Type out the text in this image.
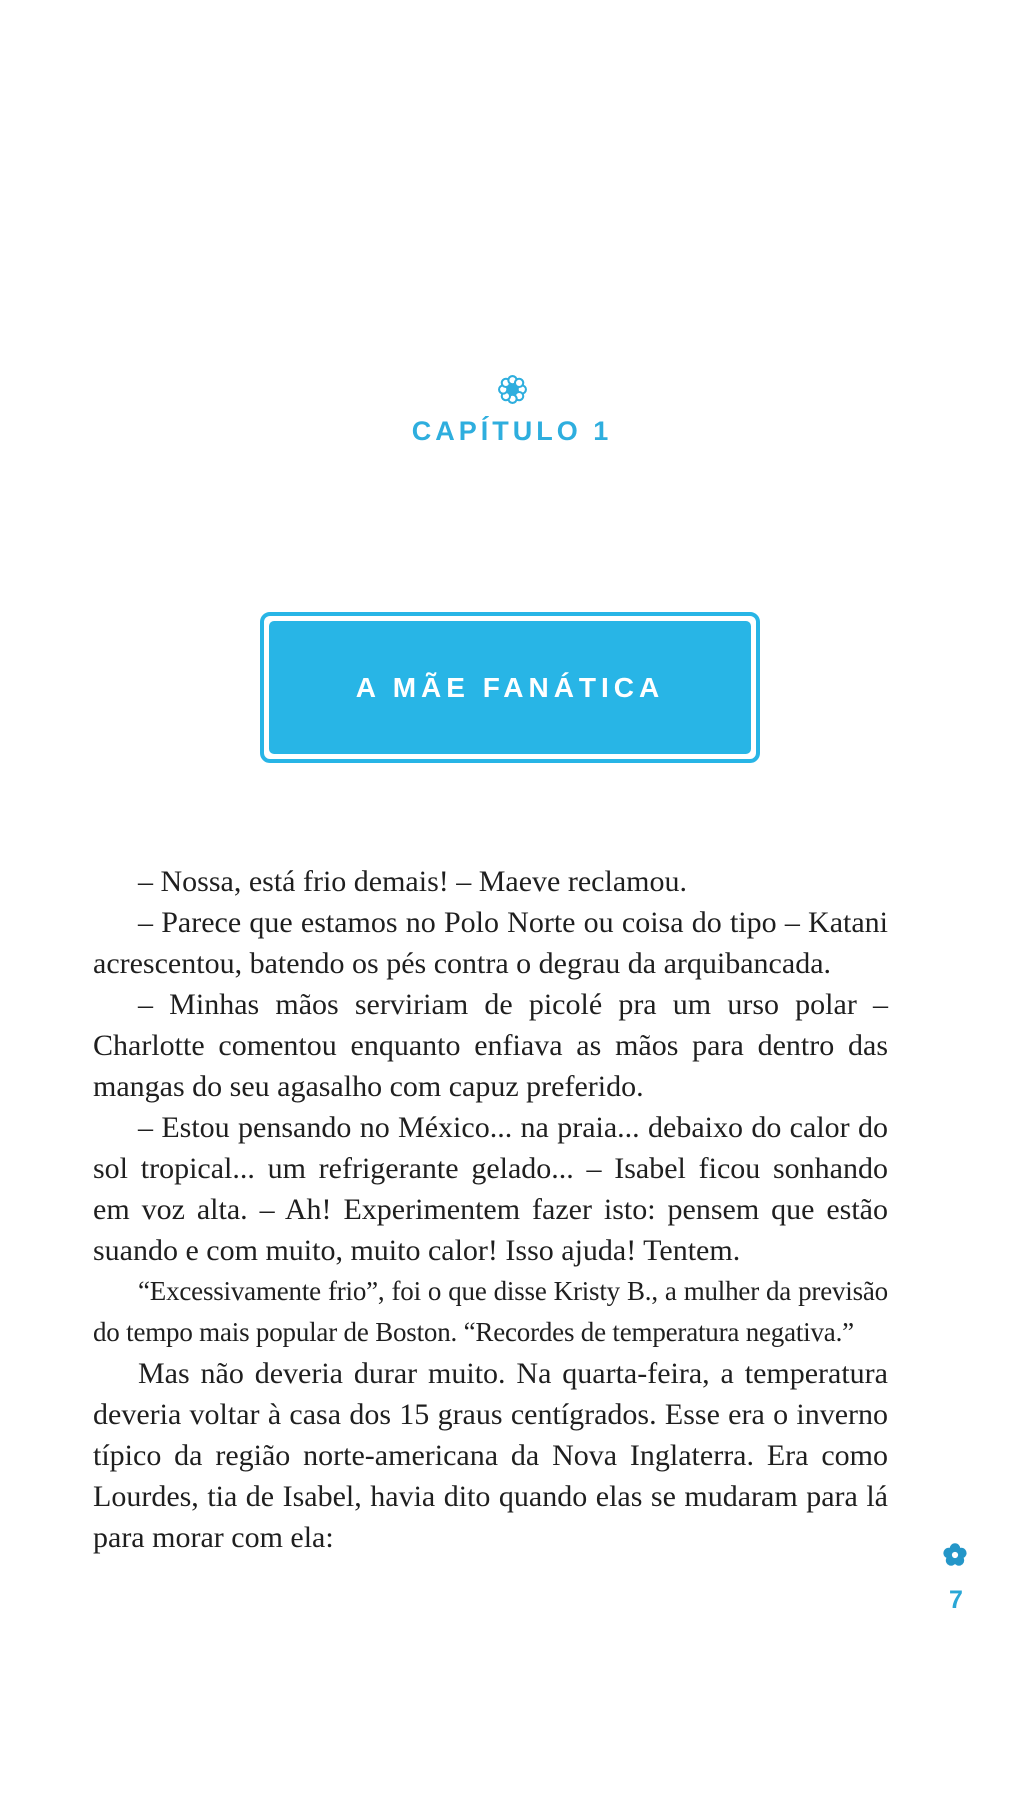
CAPÍTULO 1
A MÃE FANÁTICA

– Nossa, está frio demais! – Maeve reclamou.

– Parece que estamos no Polo Norte ou coisa do tipo – Katani acrescentou, batendo os pés contra o degrau da arquibancada.

– Minhas mãos serviriam de picolé pra um urso polar – Charlotte comentou enquanto enfiava as mãos para dentro das mangas do seu agasalho com capuz preferido.

– Estou pensando no México... na praia... debaixo do calor do sol tropical... um refrigerante gelado... – Isabel ficou sonhando em voz alta. – Ah! Experimentem fazer isto: pensem que estão suando e com muito, muito calor! Isso ajuda! Tentem.

“Excessivamente frio”, foi o que disse Kristy B., a mulher da previsão do tempo mais popular de Boston. “Recordes de temperatura negativa.”

Mas não deveria durar muito. Na quarta-feira, a temperatura deveria voltar à casa dos 15 graus centígrados. Esse era o inverno típico da região norte-americana da Nova Inglaterra. Era como Lourdes, tia de Isabel, havia dito quando elas se mudaram para lá para morar com ela:

7
